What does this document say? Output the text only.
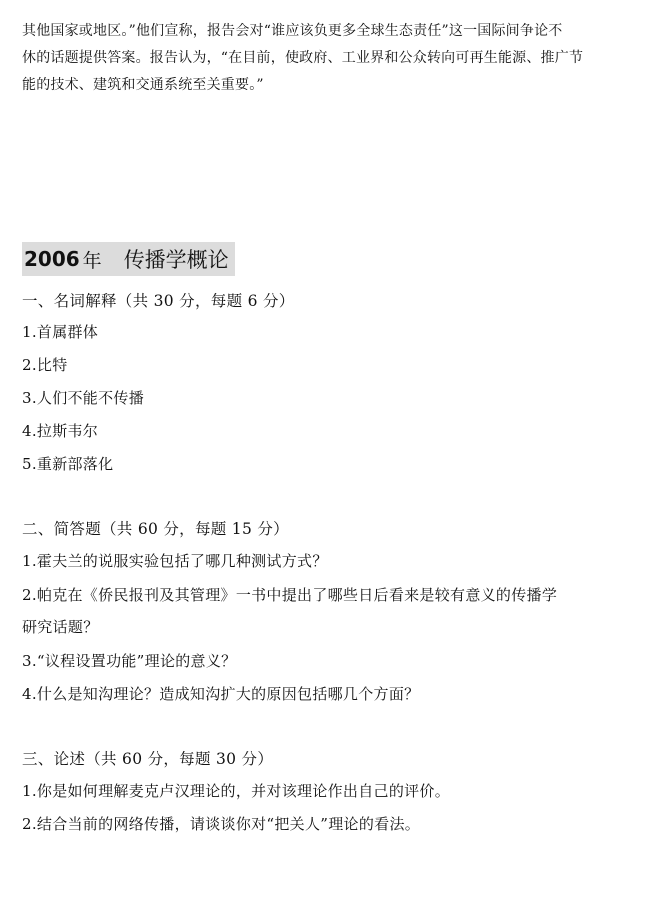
其他国家或地区。”他们宣称，报告会对“谁应该负更多全球生态责任”这一国际间争论不
休的话题提供答案。报告认为，“在目前，使政府、工业界和公众转向可再生能源、推广节
能的技术、建筑和交通系统至关重要。”

2006 年 传播学概论
一、名词解释（共 30 分，每题 6 分）
1.首属群体
2.比特
3.人们不能不传播
4.拉斯韦尔
5.重新部落化
二、简答题（共 60 分，每题 15 分）
1.霍夫兰的说服实验包括了哪几种测试方式？
2.帕克在《侨民报刊及其管理》一书中提出了哪些日后看来是较有意义的传播学
研究话题？
3.“议程设置功能”理论的意义？
4.什么是知沟理论？造成知沟扩大的原因包括哪几个方面？
三、论述（共 60 分，每题 30 分）
1.你是如何理解麦克卢汉理论的，并对该理论作出自己的评价。
2.结合当前的网络传播，请谈谈你对“把关人”理论的看法。
